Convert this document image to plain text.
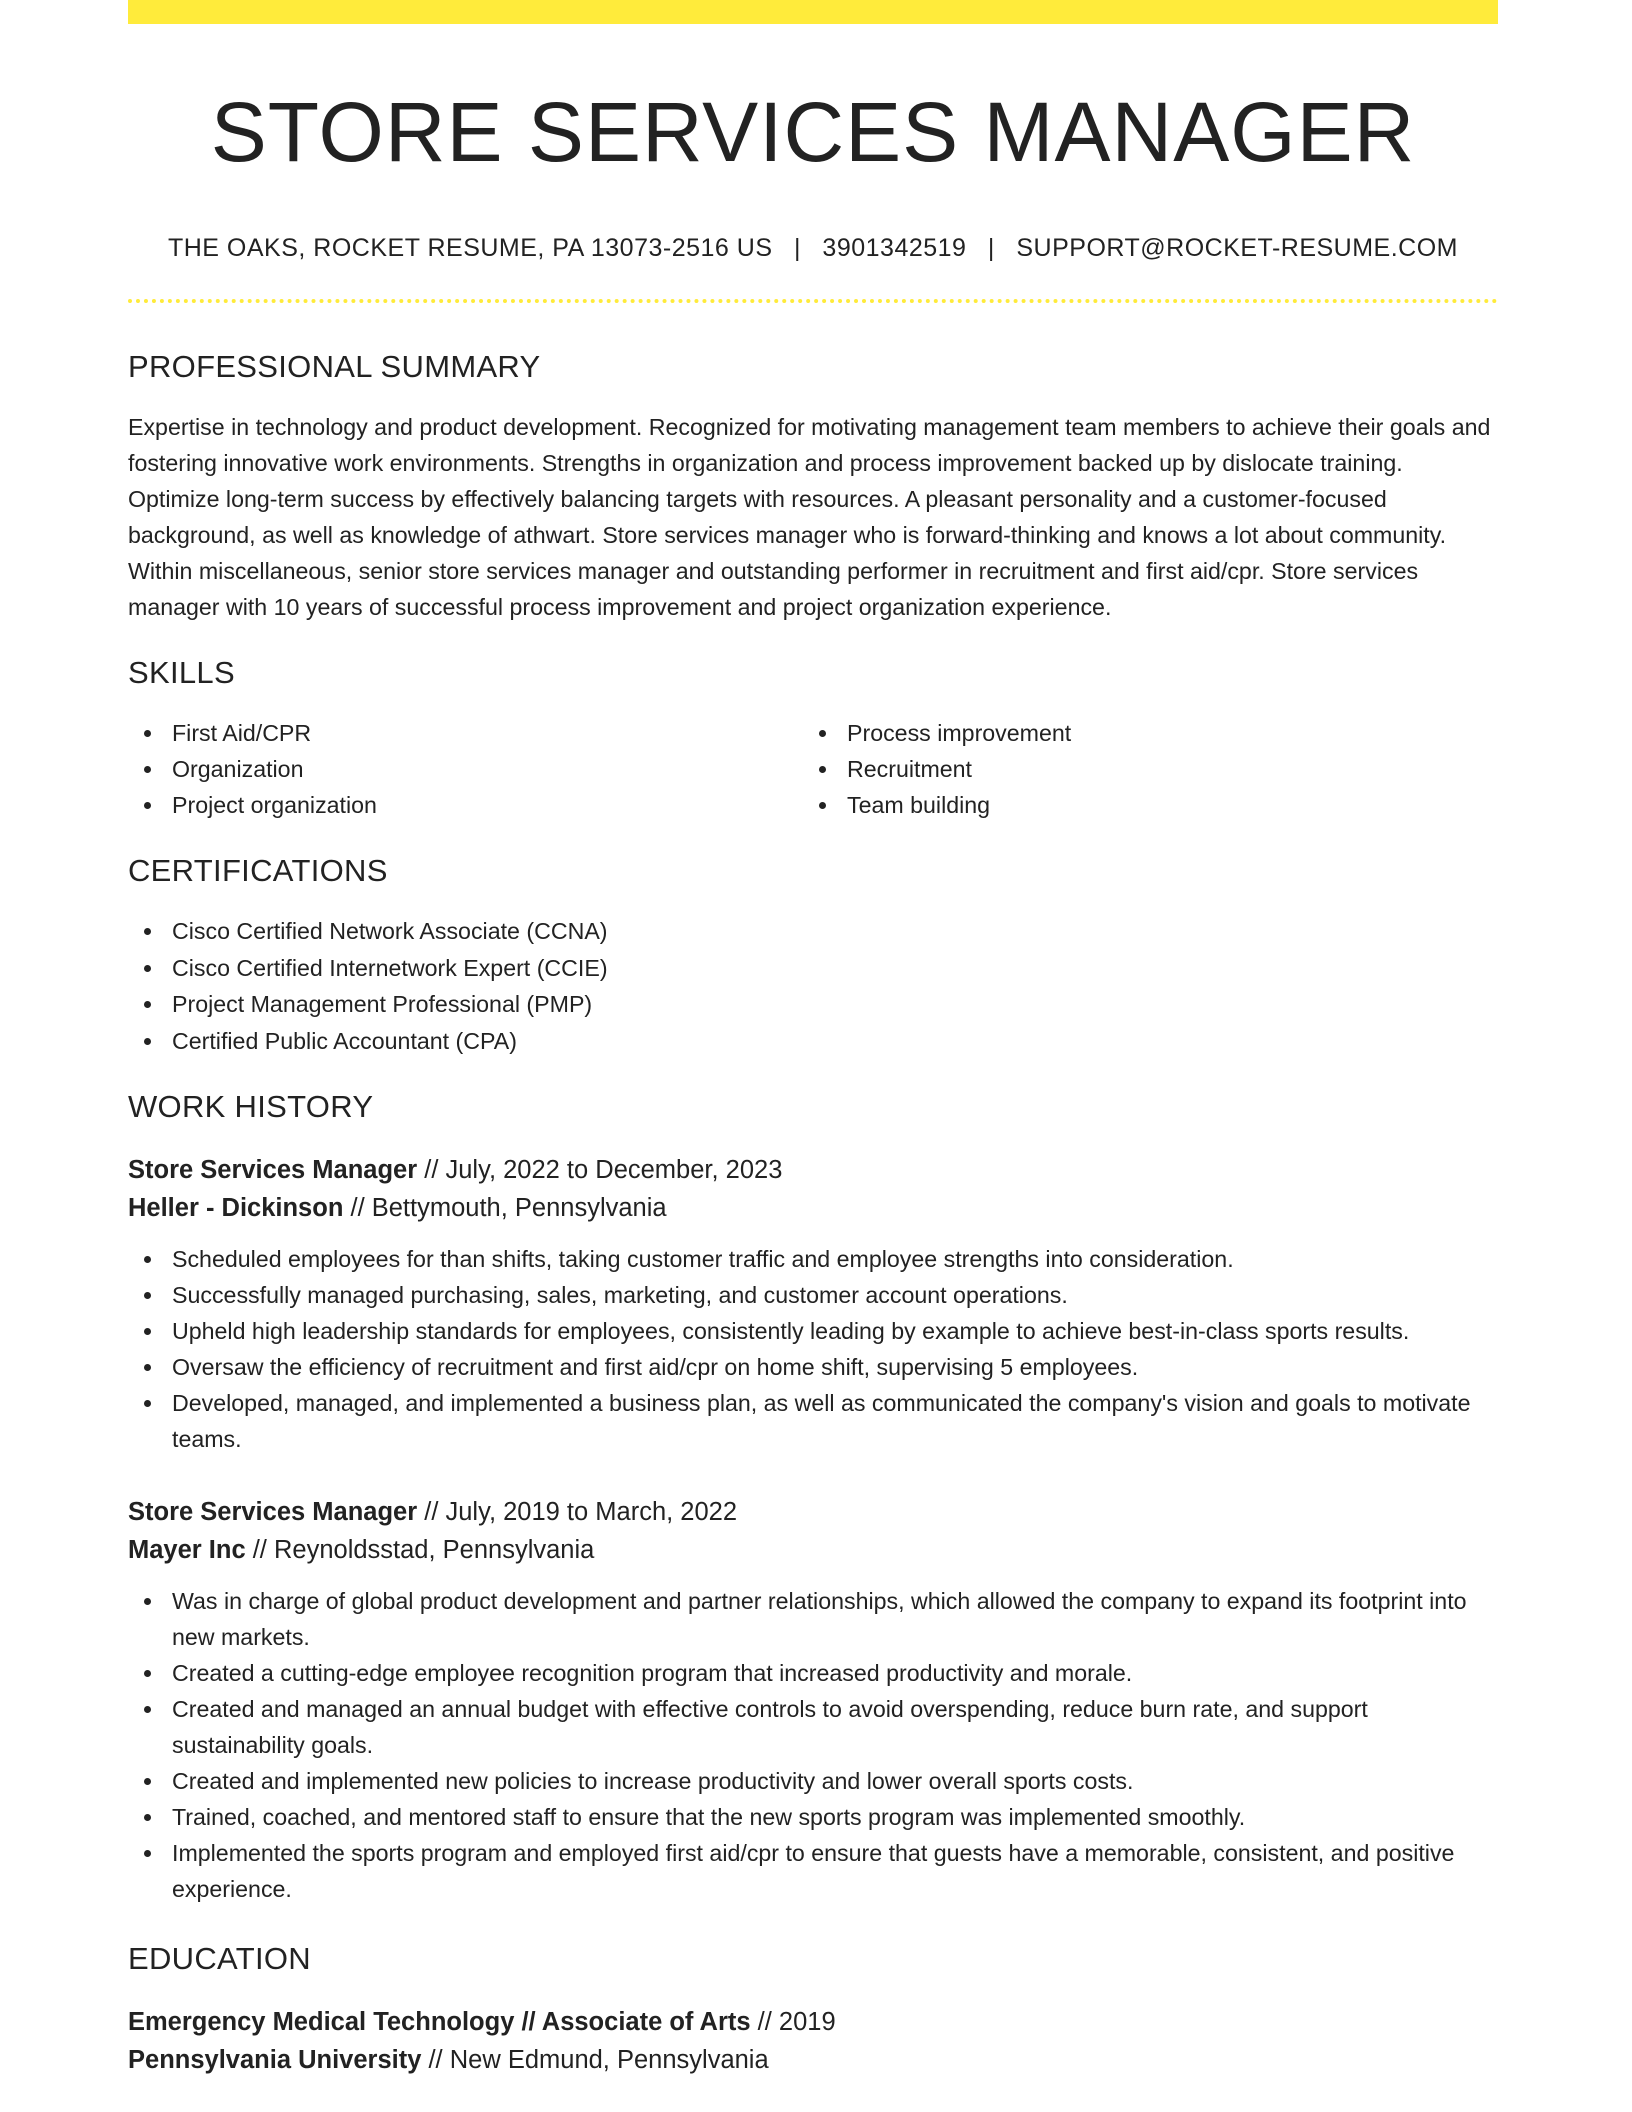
STORE SERVICES MANAGER
THE OAKS, ROCKET RESUME, PA 13073-2516 US | 3901342519 | SUPPORT@ROCKET-RESUME.COM
PROFESSIONAL SUMMARY

Expertise in technology and product development. Recognized for motivating management team members to achieve their goals and fostering innovative work environments. Strengths in organization and process improvement backed up by dislocate training. Optimize long-term success by effectively balancing targets with resources. A pleasant personality and a customer-focused background, as well as knowledge of athwart. Store services manager who is forward-thinking and knows a lot about community. Within miscellaneous, senior store services manager and outstanding performer in recruitment and first aid/cpr. Store services manager with 10 years of successful process improvement and project organization experience.

SKILLS
First Aid/CPR
Organization
Project organization
Process improvement
Recruitment
Team building
CERTIFICATIONS
Cisco Certified Network Associate (CCNA)
Cisco Certified Internetwork Expert (CCIE)
Project Management Professional (PMP)
Certified Public Accountant (CPA)
WORK HISTORY
Store Services Manager // July, 2022 to December, 2023
Heller - Dickinson // Bettymouth, Pennsylvania
Scheduled employees for than shifts, taking customer traffic and employee strengths into consideration.
Successfully managed purchasing, sales, marketing, and customer account operations.
Upheld high leadership standards for employees, consistently leading by example to achieve best-in-class sports results.
Oversaw the efficiency of recruitment and first aid/cpr on home shift, supervising 5 employees.
Developed, managed, and implemented a business plan, as well as communicated the company's vision and goals to motivate teams.
Store Services Manager // July, 2019 to March, 2022
Mayer Inc // Reynoldsstad, Pennsylvania
Was in charge of global product development and partner relationships, which allowed the company to expand its footprint into new markets.
Created a cutting-edge employee recognition program that increased productivity and morale.
Created and managed an annual budget with effective controls to avoid overspending, reduce burn rate, and support sustainability goals.
Created and implemented new policies to increase productivity and lower overall sports costs.
Trained, coached, and mentored staff to ensure that the new sports program was implemented smoothly.
Implemented the sports program and employed first aid/cpr to ensure that guests have a memorable, consistent, and positive experience.
EDUCATION
Emergency Medical Technology // Associate of Arts // 2019
Pennsylvania University // New Edmund, Pennsylvania
